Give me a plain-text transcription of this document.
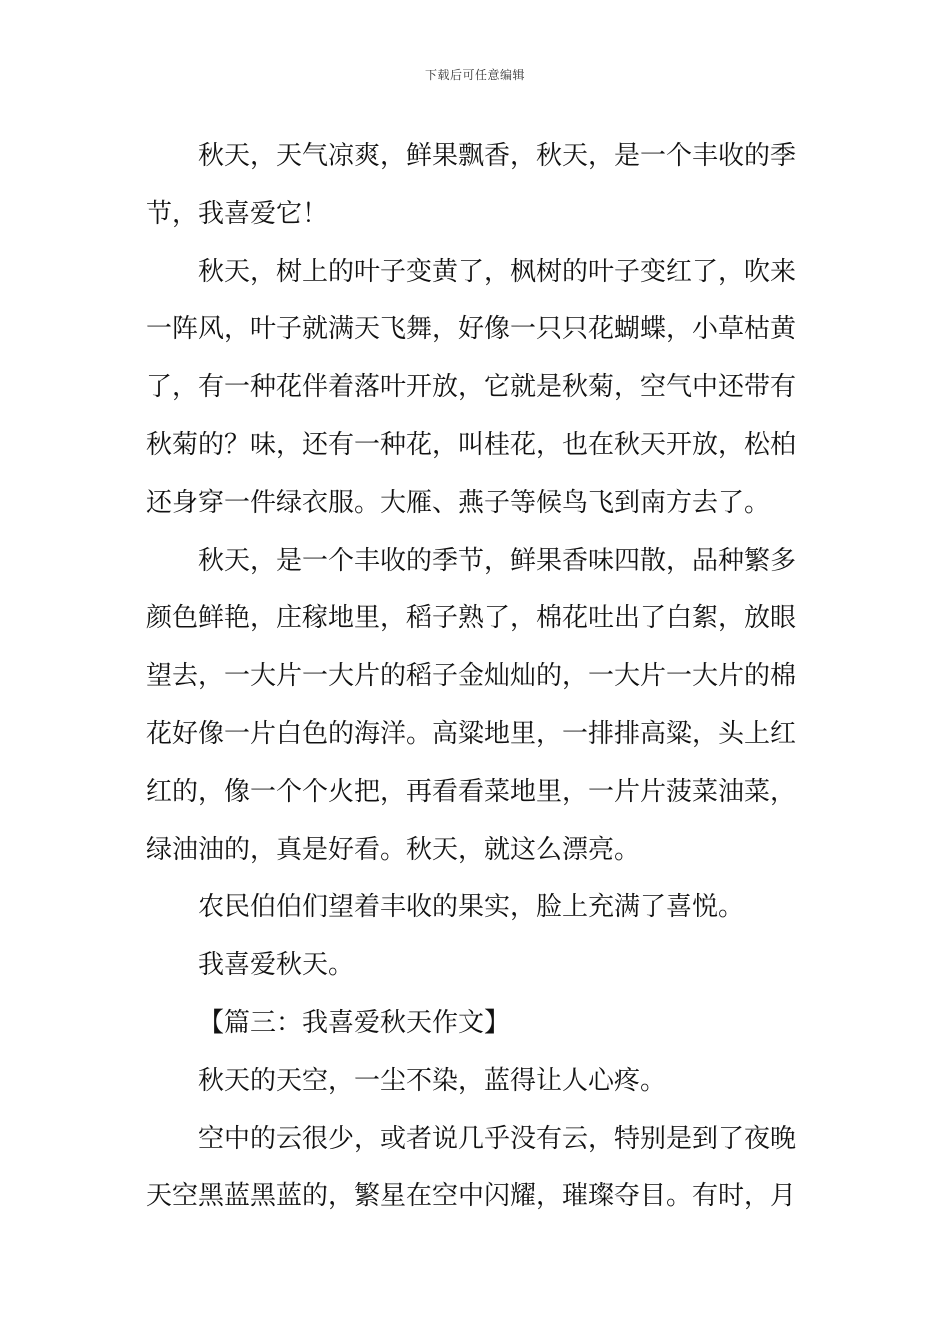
下载后可任意编辑
秋天，天气凉爽，鲜果飘香，秋天，是一个丰收的季
节，我喜爱它！
秋天，树上的叶子变黄了，枫树的叶子变红了，吹来
一阵风，叶子就满天飞舞，好像一只只花蝴蝶，小草枯黄
了，有一种花伴着落叶开放，它就是秋菊，空气中还带有
秋菊的？味，还有一种花，叫桂花，也在秋天开放，松柏
还身穿一件绿衣服。大雁、燕子等候鸟飞到南方去了。
秋天，是一个丰收的季节，鲜果香味四散，品种繁多
颜色鲜艳，庄稼地里，稻子熟了，棉花吐出了白絮，放眼
望去，一大片一大片的稻子金灿灿的，一大片一大片的棉
花好像一片白色的海洋。高粱地里，一排排高粱，头上红
红的，像一个个火把，再看看菜地里，一片片菠菜油菜，
绿油油的，真是好看。秋天，就这么漂亮。
农民伯伯们望着丰收的果实，脸上充满了喜悦。
我喜爱秋天。
【篇三：我喜爱秋天作文】
秋天的天空，一尘不染，蓝得让人心疼。
空中的云很少，或者说几乎没有云，特别是到了夜晚
天空黑蓝黑蓝的，繁星在空中闪耀，璀璨夺目。有时，月
